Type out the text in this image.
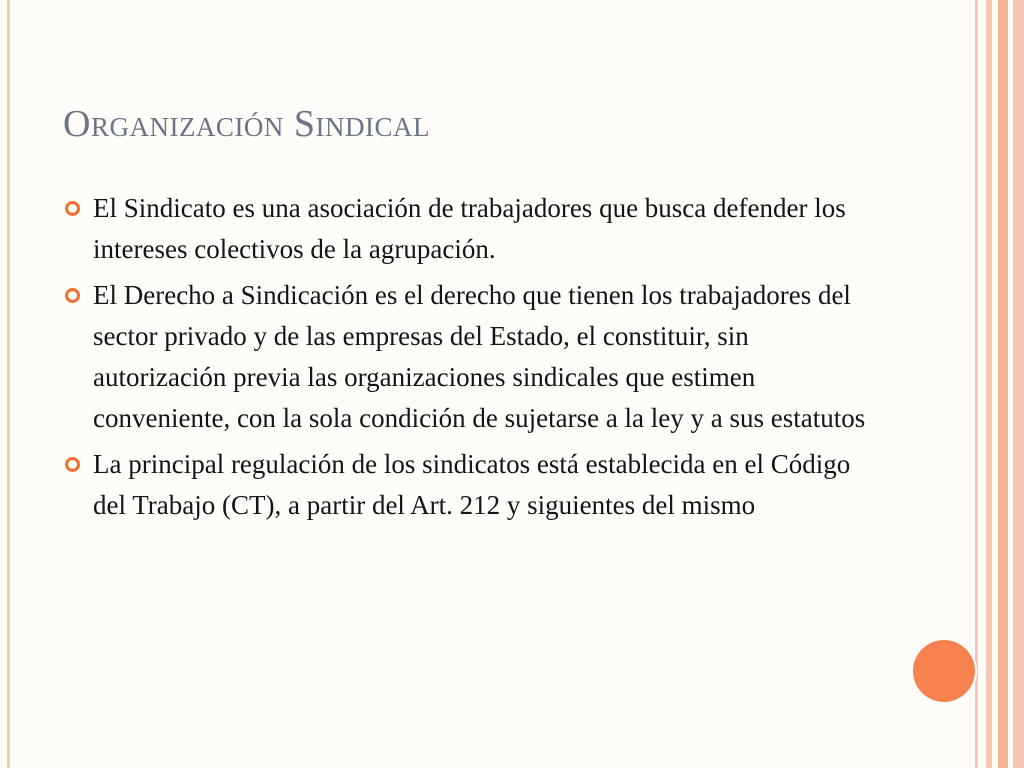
Organización Sindical
El Sindicato es una asociación de trabajadores que busca defender los intereses colectivos de la agrupación.
El Derecho a Sindicación es el derecho que tienen los trabajadores del sector privado y de las empresas del Estado, el constituir, sin autorización previa las organizaciones sindicales que estimen conveniente, con la sola condición de sujetarse a la ley y a sus estatutos
La principal regulación de los sindicatos está establecida en el Código del Trabajo (CT), a partir del Art. 212 y siguientes del mismo
